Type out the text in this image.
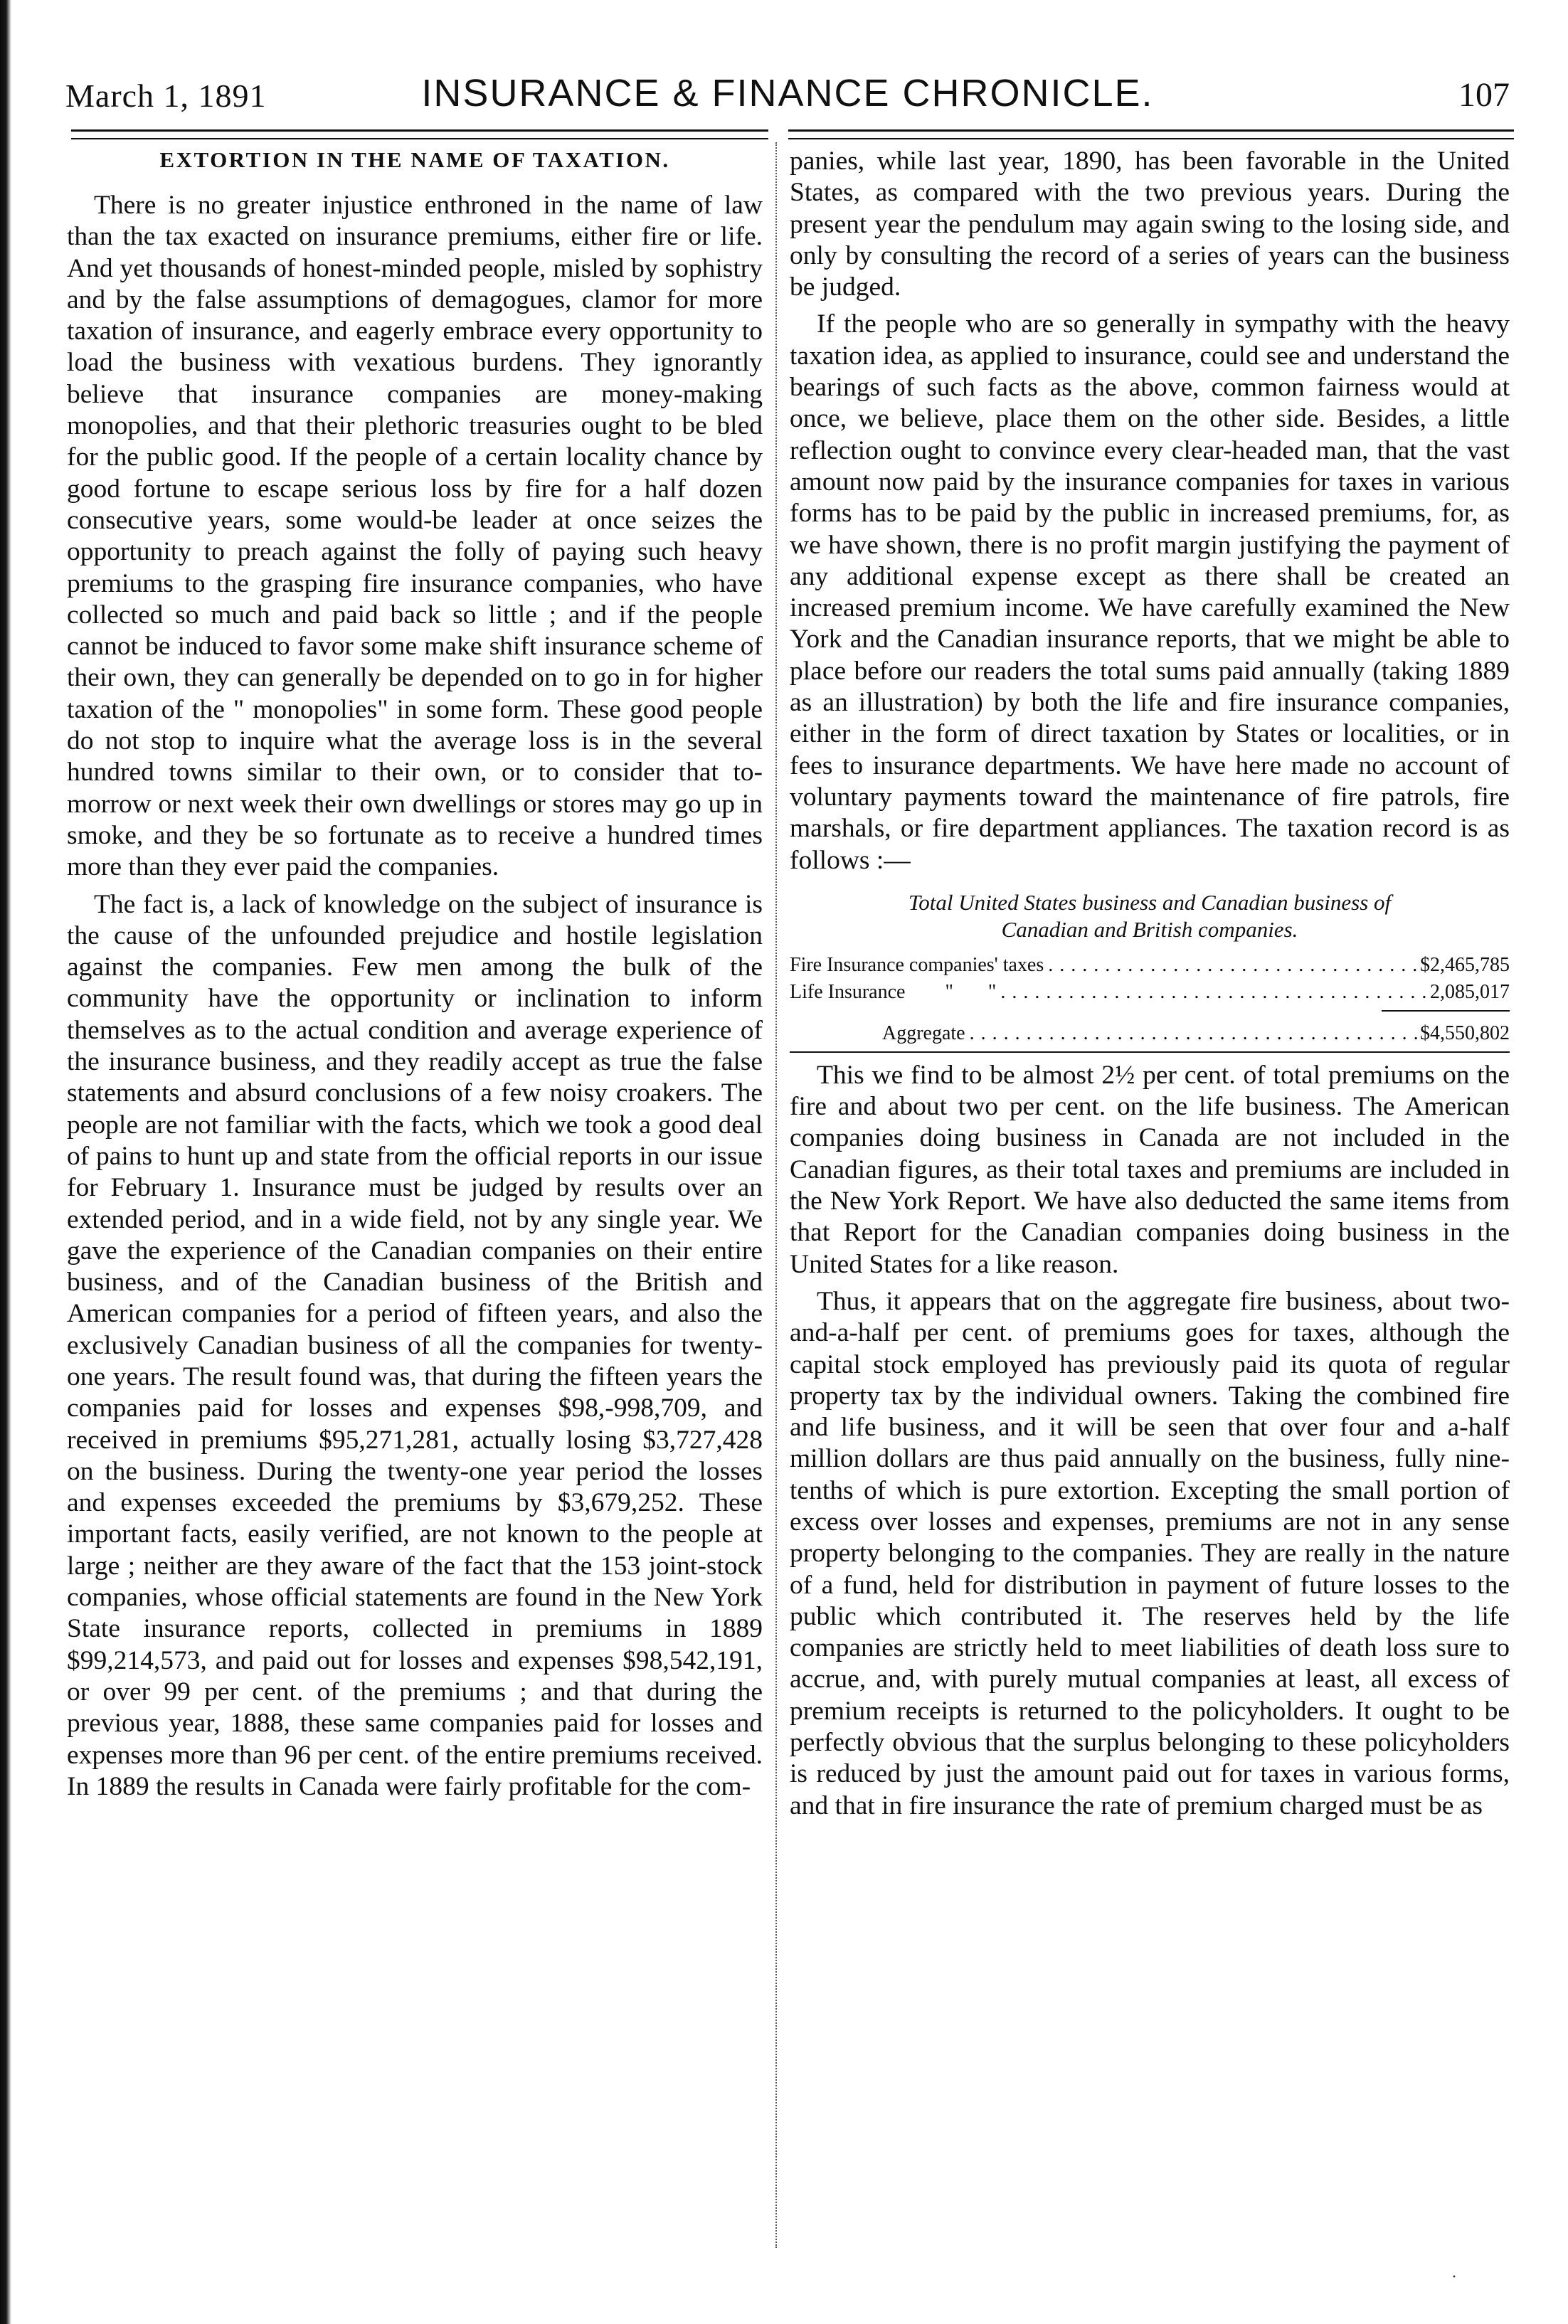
March 1, 1891	INSURANCE & FINANCE CHRONICLE.	107
EXTORTION IN THE NAME OF TAXATION.

There is no greater injustice enthroned in the name of law than the tax exacted on insurance premiums, either fire or life. And yet thousands of honest-minded people, misled by sophistry and by the false assumptions of demagogues, clamor for more taxation of insurance, and eagerly embrace every opportunity to load the business with vexatious burdens. They ignorantly believe that insurance companies are money-making monopolies, and that their plethoric treasuries ought to be bled for the public good. If the people of a certain locality chance by good fortune to escape serious loss by fire for a half dozen consecutive years, some would-be leader at once seizes the opportunity to preach against the folly of paying such heavy premiums to the grasping fire insurance companies, who have collected so much and paid back so little ; and if the people cannot be induced to favor some make shift insurance scheme of their own, they can generally be depended on to go in for higher taxation of the " monopolies" in some form. These good people do not stop to inquire what the average loss is in the several hundred towns similar to their own, or to consider that to-morrow or next week their own dwellings or stores may go up in smoke, and they be so fortunate as to receive a hundred times more than they ever paid the companies.

The fact is, a lack of knowledge on the subject of insurance is the cause of the unfounded prejudice and hostile legislation against the companies. Few men among the bulk of the community have the opportunity or inclination to inform themselves as to the actual condition and average experience of the insurance business, and they readily accept as true the false statements and absurd conclusions of a few noisy croakers. The people are not familiar with the facts, which we took a good deal of pains to hunt up and state from the official reports in our issue for February 1. Insurance must be judged by results over an extended period, and in a wide field, not by any single year. We gave the experience of the Canadian companies on their entire business, and of the Canadian business of the British and American companies for a period of fifteen years, and also the exclusively Canadian business of all the companies for twenty-one years. The result found was, that during the fifteen years the companies paid for losses and expenses $98,-998,709, and received in premiums $95,271,281, actually losing $3,727,428 on the business. During the twenty-one year period the losses and expenses exceeded the premiums by $3,679,252. These important facts, easily verified, are not known to the people at large ; neither are they aware of the fact that the 153 joint-stock companies, whose official statements are found in the New York State insurance reports, collected in premiums in 1889 $99,214,573, and paid out for losses and expenses $98,542,191, or over 99 per cent. of the premiums ; and that during the previous year, 1888, these same companies paid for losses and expenses more than 96 per cent. of the entire premiums received. In 1889 the results in Canada were fairly profitable for the com-

panies, while last year, 1890, has been favorable in the United States, as compared with the two previous years. During the present year the pendulum may again swing to the losing side, and only by consulting the record of a series of years can the business be judged.

If the people who are so generally in sympathy with the heavy taxation idea, as applied to insurance, could see and understand the bearings of such facts as the above, common fairness would at once, we believe, place them on the other side. Besides, a little reflection ought to convince every clear-headed man, that the vast amount now paid by the insurance companies for taxes in various forms has to be paid by the public in increased premiums, for, as we have shown, there is no profit margin justifying the payment of any additional expense except as there shall be created an increased premium income. We have carefully examined the New York and the Canadian insurance reports, that we might be able to place before our readers the total sums paid annually (taking 1889 as an illustration) by both the life and fire insurance companies, either in the form of direct taxation by States or localities, or in fees to insurance departments. We have here made no account of voluntary payments toward the maintenance of fire patrols, fire marshals, or fire department appliances. The taxation record is as follows :—

Total United States business and Canadian business of
Canadian and British companies.
Fire Insurance companies' taxes . . .	$2,465,785
Life Insurance        "       " . . .	2,085,017
Aggregate . . .	$4,550,802

This we find to be almost 2½ per cent. of total premiums on the fire and about two per cent. on the life business. The American companies doing business in Canada are not included in the Canadian figures, as their total taxes and premiums are included in the New York Report. We have also deducted the same items from that Report for the Canadian companies doing business in the United States for a like reason.

Thus, it appears that on the aggregate fire business, about two-and-a-half per cent. of premiums goes for taxes, although the capital stock employed has previously paid its quota of regular property tax by the individual owners. Taking the combined fire and life business, and it will be seen that over four and a-half million dollars are thus paid annually on the business, fully nine-tenths of which is pure extortion. Excepting the small portion of excess over losses and expenses, premiums are not in any sense property belonging to the companies. They are really in the nature of a fund, held for distribution in payment of future losses to the public which contributed it. The reserves held by the life companies are strictly held to meet liabilities of death loss sure to accrue, and, with purely mutual companies at least, all excess of premium receipts is returned to the policyholders. It ought to be perfectly obvious that the surplus belonging to these policyholders is reduced by just the amount paid out for taxes in various forms, and that in fire insurance the rate of premium charged must be as

·
